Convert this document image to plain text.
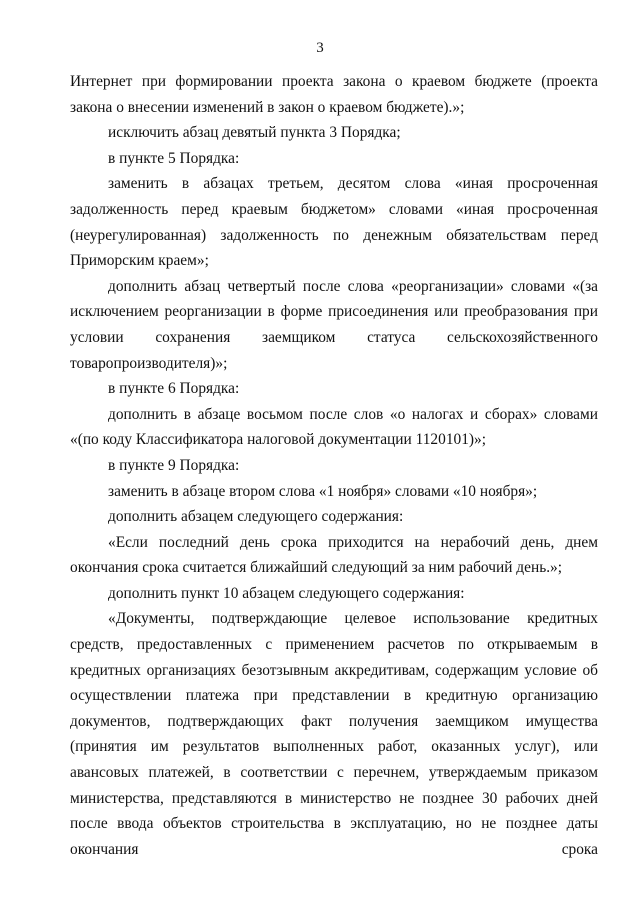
3

Интернет при формировании проекта закона о краевом бюджете (проекта закона о внесении изменений в закон о краевом бюджете).»;

исключить абзац девятый пункта 3 Порядка;

в пункте 5 Порядка:

заменить в абзацах третьем, десятом слова «иная просроченная задолженность перед краевым бюджетом» словами «иная просроченная (неурегулированная) задолженность по денежным обязательствам перед Приморским краем»;

дополнить абзац четвертый после слова «реорганизации» словами «(за исключением реорганизации в форме присоединения или преобразования при условии сохранения заемщиком статуса сельскохозяйственного товаропроизводителя)»;

в пункте 6 Порядка:

дополнить в абзаце восьмом после слов «о налогах и сборах» словами «(по коду Классификатора налоговой документации 1120101)»;

в пункте 9 Порядка:

заменить в абзаце втором слова «1 ноября» словами «10 ноября»;

дополнить абзацем следующего содержания:

«Если последний день срока приходится на нерабочий день, днем окончания срока считается ближайший следующий за ним рабочий день.»;

дополнить пункт 10 абзацем следующего содержания:

«Документы, подтверждающие целевое использование кредитных средств, предоставленных с применением расчетов по открываемым в кредитных организациях безотзывным аккредитивам, содержащим условие об осуществлении платежа при представлении в кредитную организацию документов, подтверждающих факт получения заемщиком имущества (принятия им результатов выполненных работ, оказанных услуг), или авансовых платежей, в соответствии с перечнем, утверждаемым приказом министерства, представляются в министерство не позднее 30 рабочих дней после ввода объектов строительства в эксплуатацию, но не позднее даты окончания срока
